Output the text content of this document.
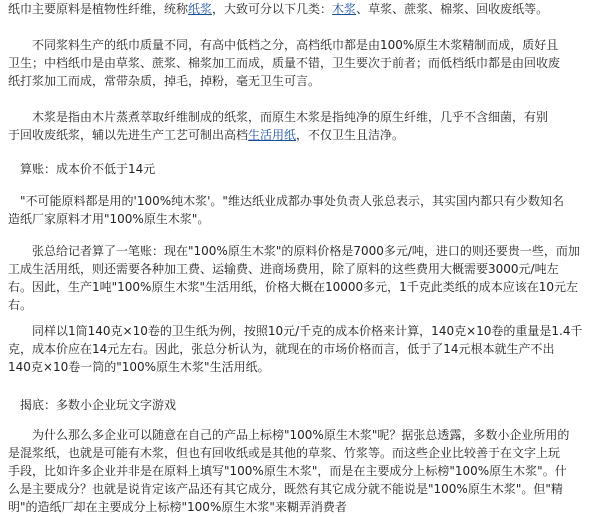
纸巾主要原料是植物性纤维，统称纸浆，大致可分以下几类：木浆、草浆、蔗浆、棉浆、回收废纸等。

　　不同浆料生产的纸巾质量不同，有高中低档之分，高档纸巾都是由100%原生木浆精制而成，质好且

卫生；中档纸巾是由草浆、蔗浆、棉浆加工而成，质量不错，卫生要次于前者；而低档纸巾都是由回收废

纸打浆加工而成，常带杂质，掉毛，掉粉，毫无卫生可言。

　　木浆是指由木片蒸煮萃取纤维制成的纸浆，而原生木浆是指纯净的原生纤维，几乎不含细菌，有别

于回收废纸浆，辅以先进生产工艺可制出高档生活用纸，不仅卫生且洁净。

　算账：成本价不低于14元

　"不可能原料都是用的'100%纯木浆'。"维达纸业成都办事处负责人张总表示，其实国内都只有少数知名

造纸厂家原料才用"100%原生木浆"。

　　张总给记者算了一笔账：现在"100%原生木浆"的原料价格是7000多元/吨，进口的则还要贵一些，而加

工成生活用纸，则还需要各种加工费、运输费、进商场费用，除了原料的这些费用大概需要3000元/吨左

右。因此，生产1吨"100%原生木浆"生活用纸，价格大概在10000多元，1千克此类纸的成本应该在10元左

右。

　　同样以1筒140克×10卷的卫生纸为例，按照10元/千克的成本价格来计算，140克×10卷的重量是1.4千

克，成本价应在14元左右。因此，张总分析认为，就现在的市场价格而言，低于了14元根本就生产不出

140克×10卷一筒的"100%原生木浆"生活用纸。

　揭底：多数小企业玩文字游戏

　　为什么那么多企业可以随意在自己的产品上标榜"100%原生木浆"呢？据张总透露，多数小企业所用的

是混浆纸，也就是可能有木浆，但也有回收纸或是其他的草浆、竹浆等。而这些企业比较善于在文字上玩

手段，比如许多企业并非是在原料上填写"100%原生木浆"，而是在主要成分上标榜"100%原生木浆"。什

么是主要成分？也就是说肯定该产品还有其它成分，既然有其它成分就不能说是"100%原生木浆"。但"精

明"的造纸厂却在主要成分上标榜"100%原生木浆"来糊弄消费者
